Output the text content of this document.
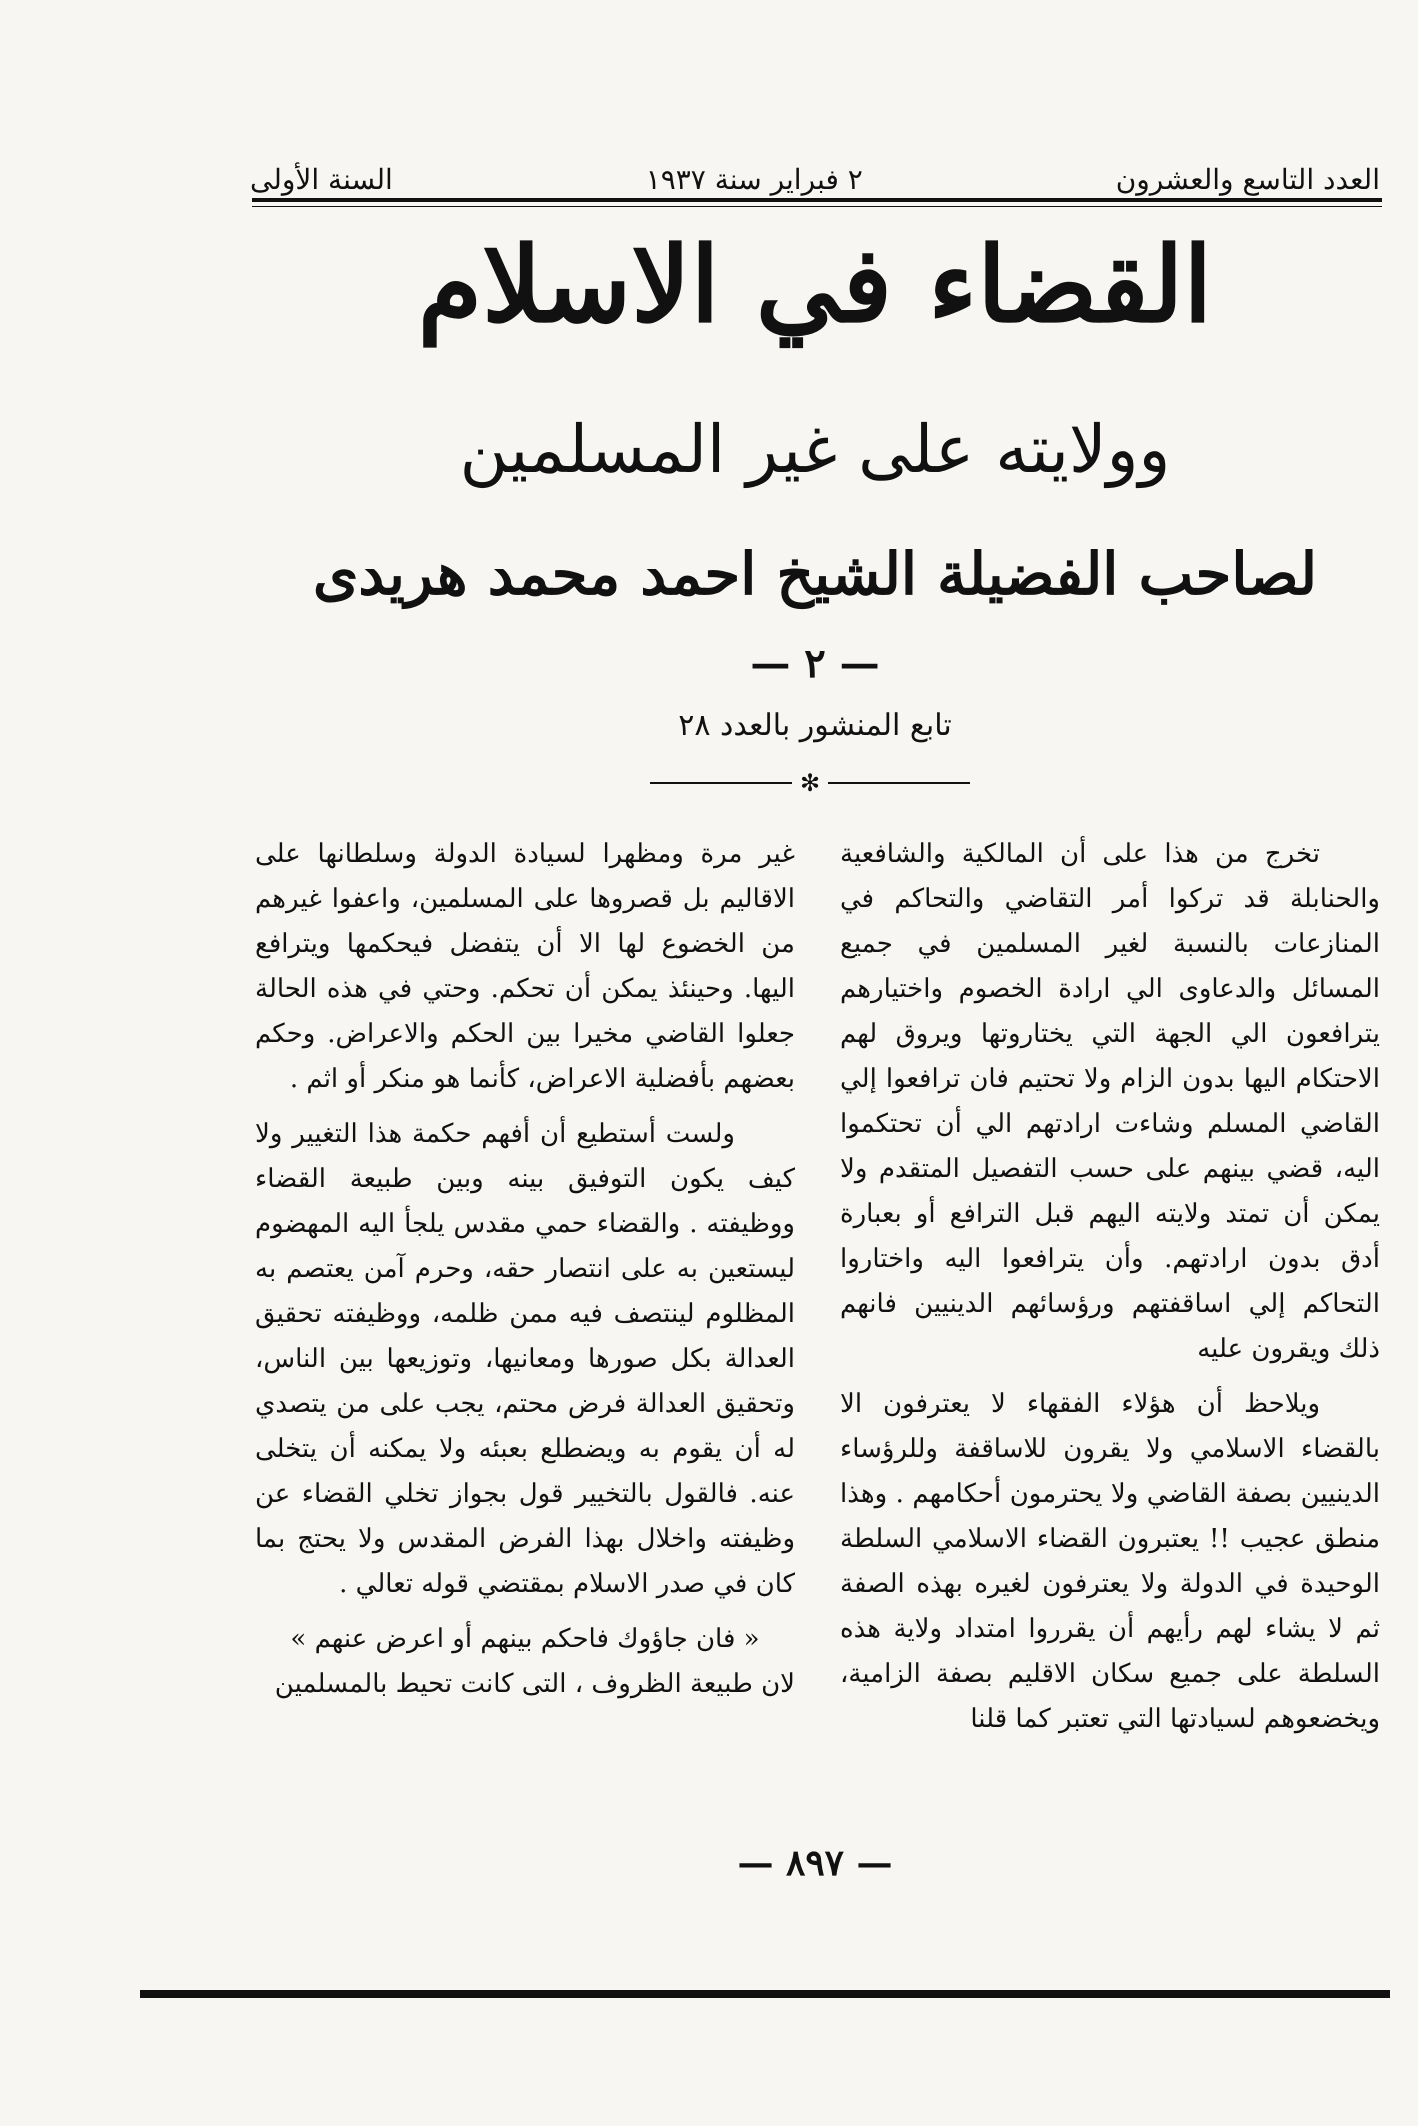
العدد التاسع والعشرون
٢ فبراير سنة ١٩٣٧
السنة الأولى
القضاء في الاسلام
وولايته على غير المسلمين
لصاحب الفضيلة الشيخ احمد محمد هريدى
— ٢ —
تابع المنشور بالعدد ٢٨
✻

تخرج من هذا على أن المالكية والشافعية والحنابلة قد تركوا أمر التقاضي والتحاكم في المنازعات بالنسبة لغير المسلمين في جميع المسائل والدعاوى الي ارادة الخصوم واختيارهم يترافعون الي الجهة التي يختاروتها ويروق لهم الاحتكام اليها بدون الزام ولا تحتيم فان ترافعوا إلي القاضي المسلم وشاءت ارادتهم الي أن تحتكموا اليه، قضي بينهم على حسب التفصيل المتقدم ولا يمكن أن تمتد ولايته اليهم قبل الترافع أو بعبارة أدق بدون ارادتهم. وأن يترافعوا اليه واختاروا التحاكم إلي اساقفتهم ورؤسائهم الدينيين فانهم ذلك ويقرون عليه

ويلاحظ أن هؤلاء الفقهاء لا يعترفون الا بالقضاء الاسلامي ولا يقرون للاساقفة وللرؤساء الدينيين بصفة القاضي ولا يحترمون أحكامهم . وهذا منطق عجيب !! يعتبرون القضاء الاسلامي السلطة الوحيدة في الدولة ولا يعترفون لغيره بهذه الصفة ثم لا يشاء لهم رأيهم أن يقرروا امتداد ولاية هذه السلطة على جميع سكان الاقليم بصفة الزامية، ويخضعوهم لسيادتها التي تعتبر كما قلنا

غير مرة ومظهرا لسيادة الدولة وسلطانها على الاقاليم بل قصروها على المسلمين، واعفوا غيرهم من الخضوع لها الا أن يتفضل فيحكمها ويترافع اليها. وحينئذ يمكن أن تحكم. وحتي في هذه الحالة جعلوا القاضي مخيرا بين الحكم والاعراض. وحكم بعضهم بأفضلية الاعراض، كأنما هو منكر أو اثم .

ولست أستطيع أن أفهم حكمة هذا التغيير ولا كيف يكون التوفيق بينه وبين طبيعة القضاء ووظيفته . والقضاء حمي مقدس يلجأ اليه المهضوم ليستعين به على انتصار حقه، وحرم آمن يعتصم به المظلوم لينتصف فيه ممن ظلمه، ووظيفته تحقيق العدالة بكل صورها ومعانيها، وتوزيعها بين الناس، وتحقيق العدالة فرض محتم، يجب على من يتصدي له أن يقوم به ويضطلع بعبئه ولا يمكنه أن يتخلى عنه. فالقول بالتخيير قول بجواز تخلي القضاء عن وظيفته واخلال بهذا الفرض المقدس ولا يحتج بما كان في صدر الاسلام بمقتضي قوله تعالي .

« فان جاؤوك فاحكم بينهم أو اعرض عنهم »

لان طبيعة الظروف ، التى كانت تحيط بالمسلمين

— ٨٩٧ —
